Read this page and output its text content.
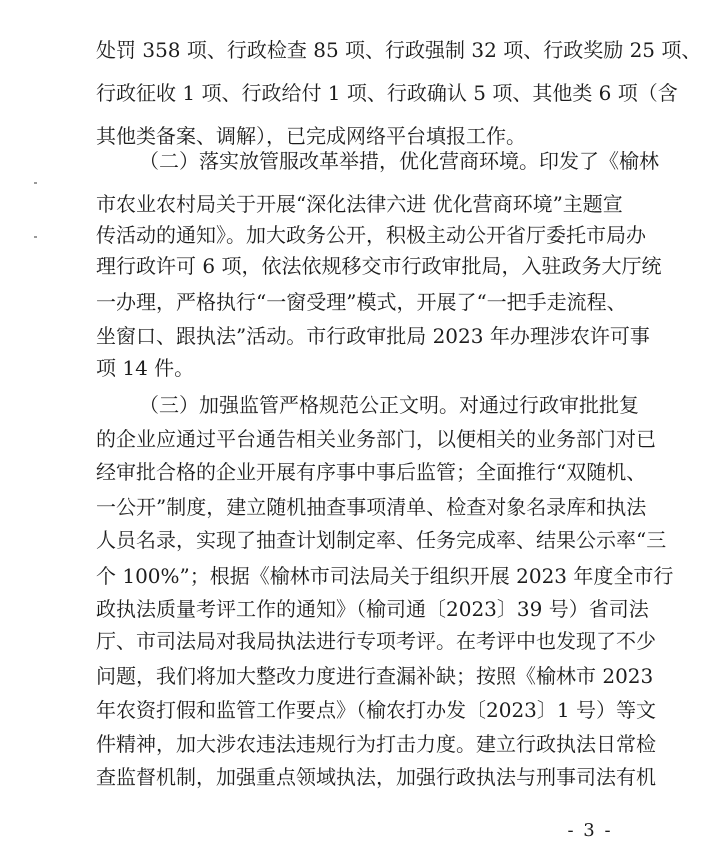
处罚 358 项、行政检查 85 项、行政强制 32 项、行政奖励 25 项、
行政征收 1 项、行政给付 1 项、行政确认 5 项、其他类 6 项（含
其他类备案、调解），已完成网络平台填报工作。
（二）落实放管服改革举措，优化营商环境。印发了《榆林
市农业农村局关于开展“深化法律六进 优化营商环境”主题宣
传活动的通知》。加大政务公开，积极主动公开省厅委托市局办
理行政许可 6 项，依法依规移交市行政审批局，入驻政务大厅统
一办理，严格执行“一窗受理”模式，开展了“一把手走流程、
坐窗口、跟执法”活动。市行政审批局 2023 年办理涉农许可事
项 14 件。
（三）加强监管严格规范公正文明。对通过行政审批批复
的企业应通过平台通告相关业务部门，以便相关的业务部门对已
经审批合格的企业开展有序事中事后监管；全面推行“双随机、
一公开”制度，建立随机抽查事项清单、检查对象名录库和执法
人员名录，实现了抽查计划制定率、任务完成率、结果公示率“三
个 100%”；根据《榆林市司法局关于组织开展 2023 年度全市行
政执法质量考评工作的通知》（榆司通〔2023〕39 号）省司法
厅、市司法局对我局执法进行专项考评。在考评中也发现了不少
问题，我们将加大整改力度进行查漏补缺；按照《榆林市 2023
年农资打假和监管工作要点》（榆农打办发〔2023〕1 号）等文
件精神，加大涉农违法违规行为打击力度。建立行政执法日常检
查监督机制，加强重点领域执法，加强行政执法与刑事司法有机
- 3 -
